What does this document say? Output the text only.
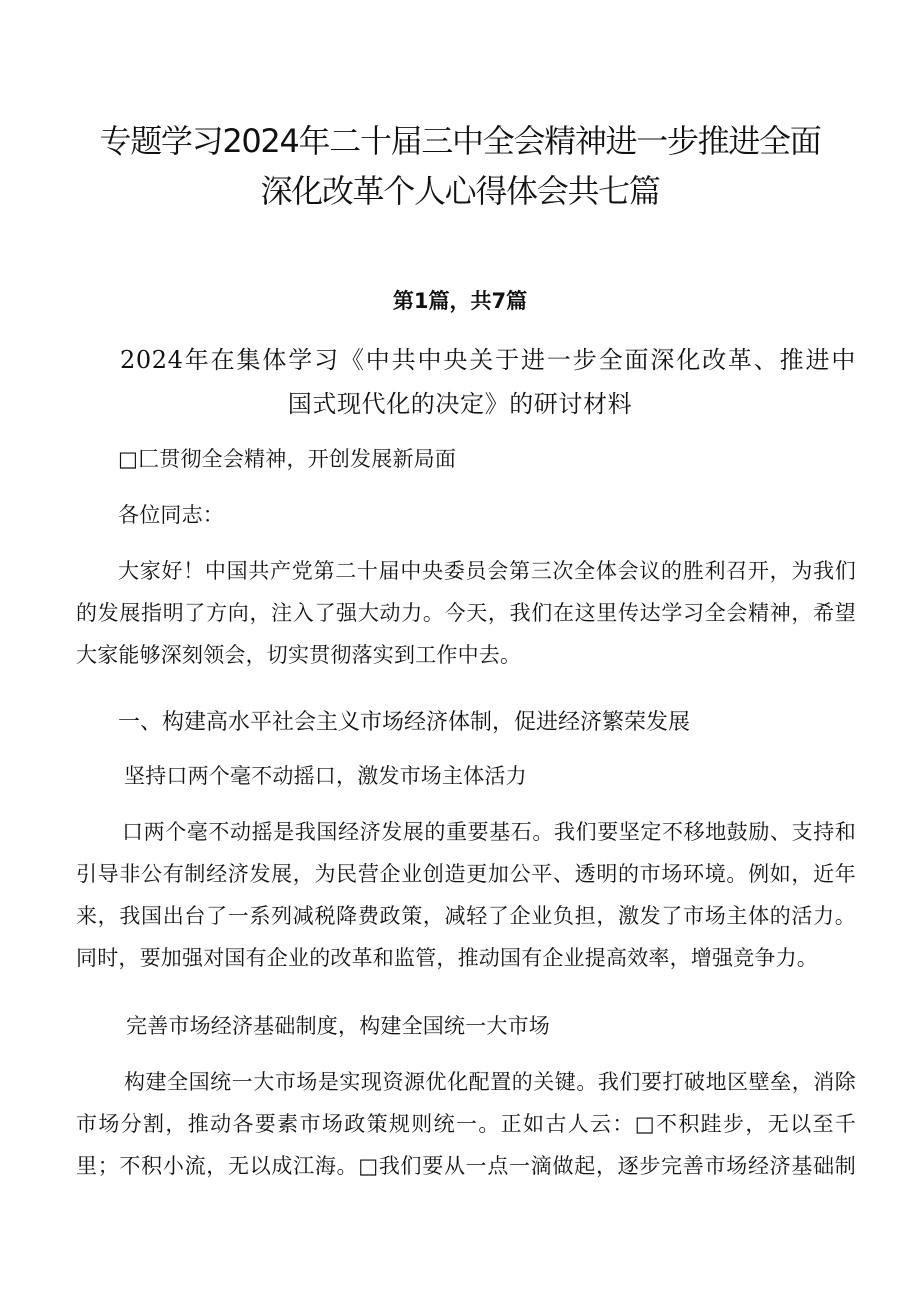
专题学习2024年二十届三中全会精神进一步推进全面
深化改革个人心得体会共七篇
第1篇，共7篇
2024年在集体学习《中共中央关于进一步全面深化改革、推进中
国式现代化的决定》的研讨材料
□匚贯彻全会精神，开创发展新局面
各位同志：
大家好！中国共产党第二十届中央委员会第三次全体会议的胜利召开，为我们
的发展指明了方向，注入了强大动力。今天，我们在这里传达学习全会精神，希望
大家能够深刻领会，切实贯彻落实到工作中去。
一、构建高水平社会主义市场经济体制，促进经济繁荣发展
坚持口两个毫不动摇口，激发市场主体活力
口两个毫不动摇是我国经济发展的重要基石。我们要坚定不移地鼓励、支持和
引导非公有制经济发展，为民营企业创造更加公平、透明的市场环境。例如，近年
来，我国出台了一系列减税降费政策，减轻了企业负担，激发了市场主体的活力。
同时，要加强对国有企业的改革和监管，推动国有企业提高效率，增强竞争力。
完善市场经济基础制度，构建全国统一大市场
构建全国统一大市场是实现资源优化配置的关键。我们要打破地区壁垒，消除
市场分割，推动各要素市场政策规则统一。正如古人云：□不积跬步，无以至千
里；不积小流，无以成江海。□我们要从一点一滴做起，逐步完善市场经济基础制
